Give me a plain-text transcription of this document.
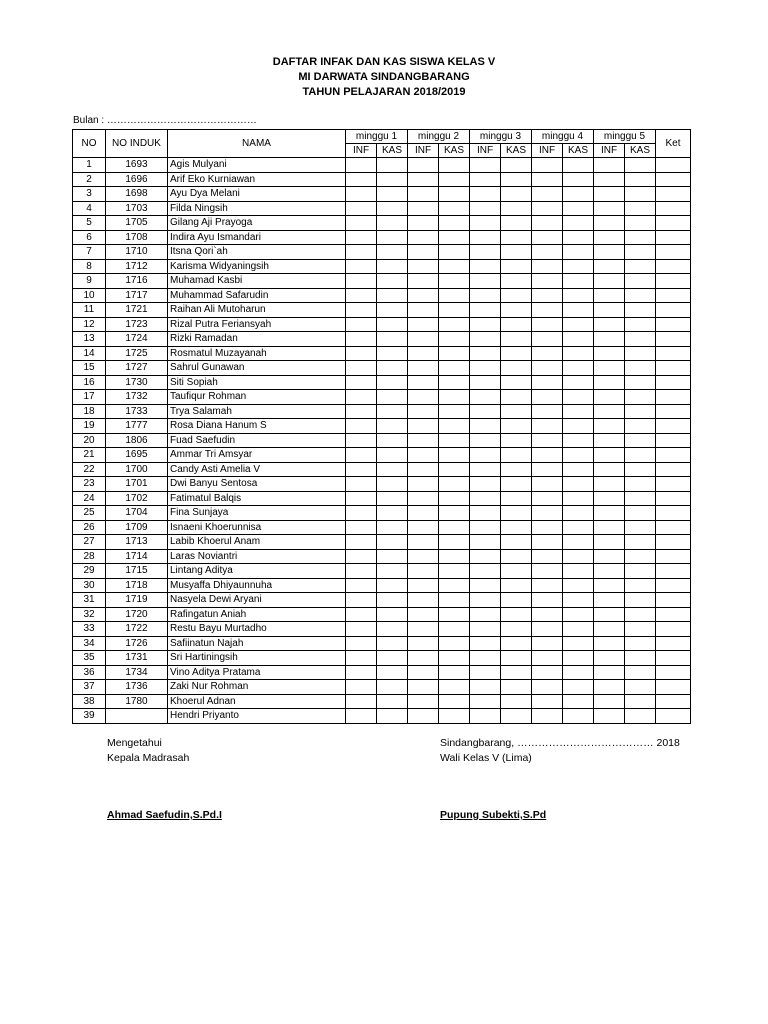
DAFTAR INFAK DAN KAS SISWA KELAS V
MI DARWATA SINDANGBARANG
TAHUN PELAJARAN 2018/2019
Bulan : ………………………………………
NO	NO INDUK	NAMA	minggu 1		minggu 2		minggu 3		minggu 4		minggu 5		Ket
			INF	KAS	INF	KAS	INF	KAS	INF	KAS	INF	KAS	
1	1693	Agis Mulyani											
2	1696	Arif Eko Kurniawan											
3	1698	Ayu Dya Melani											
4	1703	Filda Ningsih											
5	1705	Gilang Aji Prayoga											
6	1708	Indira Ayu Ismandari											
7	1710	Itsna Qori`ah											
8	1712	Karisma Widyaningsih											
9	1716	Muhamad Kasbi											
10	1717	Muhammad Safarudin											
11	1721	Raihan Ali Mutoharun											
12	1723	Rizal Putra Feriansyah											
13	1724	Rizki Ramadan											
14	1725	Rosmatul Muzayanah											
15	1727	Sahrul Gunawan											
16	1730	Siti Sopiah											
17	1732	Taufiqur Rohman											
18	1733	Trya Salamah											
19	1777	Rosa Diana Hanum S											
20	1806	Fuad Saefudin											
21	1695	Ammar Tri Amsyar											
22	1700	Candy Asti Amelia V											
23	1701	Dwi Banyu Sentosa											
24	1702	Fatimatul Balqis											
25	1704	Fina Sunjaya											
26	1709	Isnaeni Khoerunnisa											
27	1713	Labib Khoerul Anam											
28	1714	Laras Noviantri											
29	1715	Lintang Aditya											
30	1718	Musyaffa Dhiyaunnuha											
31	1719	Nasyela Dewi Aryani											
32	1720	Rafingatun Aniah											
33	1722	Restu Bayu Murtadho											
34	1726	Safiinatun Najah											
35	1731	Sri Hartiningsih											
36	1734	Vino Aditya Pratama											
37	1736	Zaki Nur Rohman											
38	1780	Khoerul Adnan											
39		Hendri Priyanto											
Mengetahui
Kepala Madrasah
Ahmad Saefudin,S.Pd.I
Sindangbarang, ………………………………… 2018
Wali Kelas V (Lima)
Pupung Subekti,S.Pd
